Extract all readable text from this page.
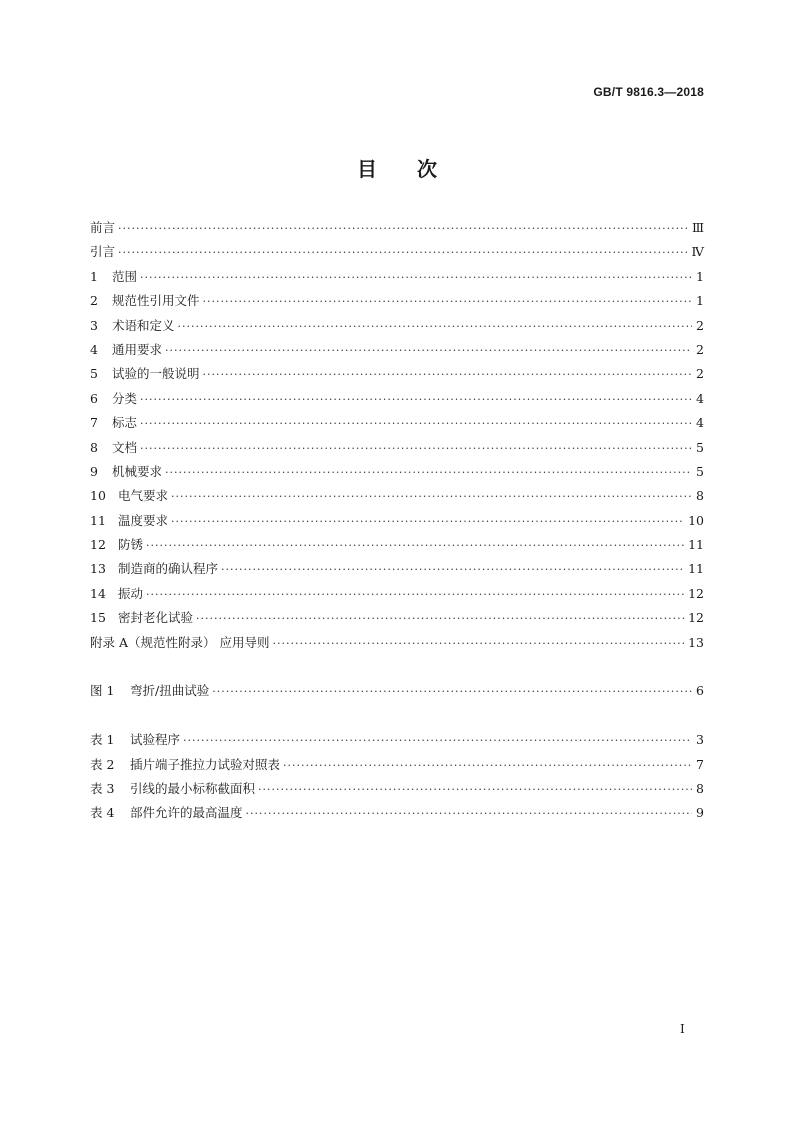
GB/T 9816.3—2018
目次
前言 ·····	Ⅲ
引言 ·····	Ⅳ
1 范围 ·····	1
2 规范性引用文件 ·····	1
3 术语和定义 ·····	2
4 通用要求 ·····	2
5 试验的一般说明 ·····	2
6 分类 ·····	4
7 标志 ·····	4
8 文档 ·····	5
9 机械要求 ·····	5
10 电气要求 ·····	8
11 温度要求 ·····	10
12 防锈 ·····	11
13 制造商的确认程序 ·····	11
14 振动 ·····	12
15 密封老化试验 ·····	12
附录 A（规范性附录） 应用导则 ·····	13
图 1 弯折/扭曲试验 ·····	6
表 1 试验程序 ·····	3
表 2 插片端子推拉力试验对照表 ·····	7
表 3 引线的最小标称截面积 ·····	8
表 4 部件允许的最高温度 ·····	9
I
